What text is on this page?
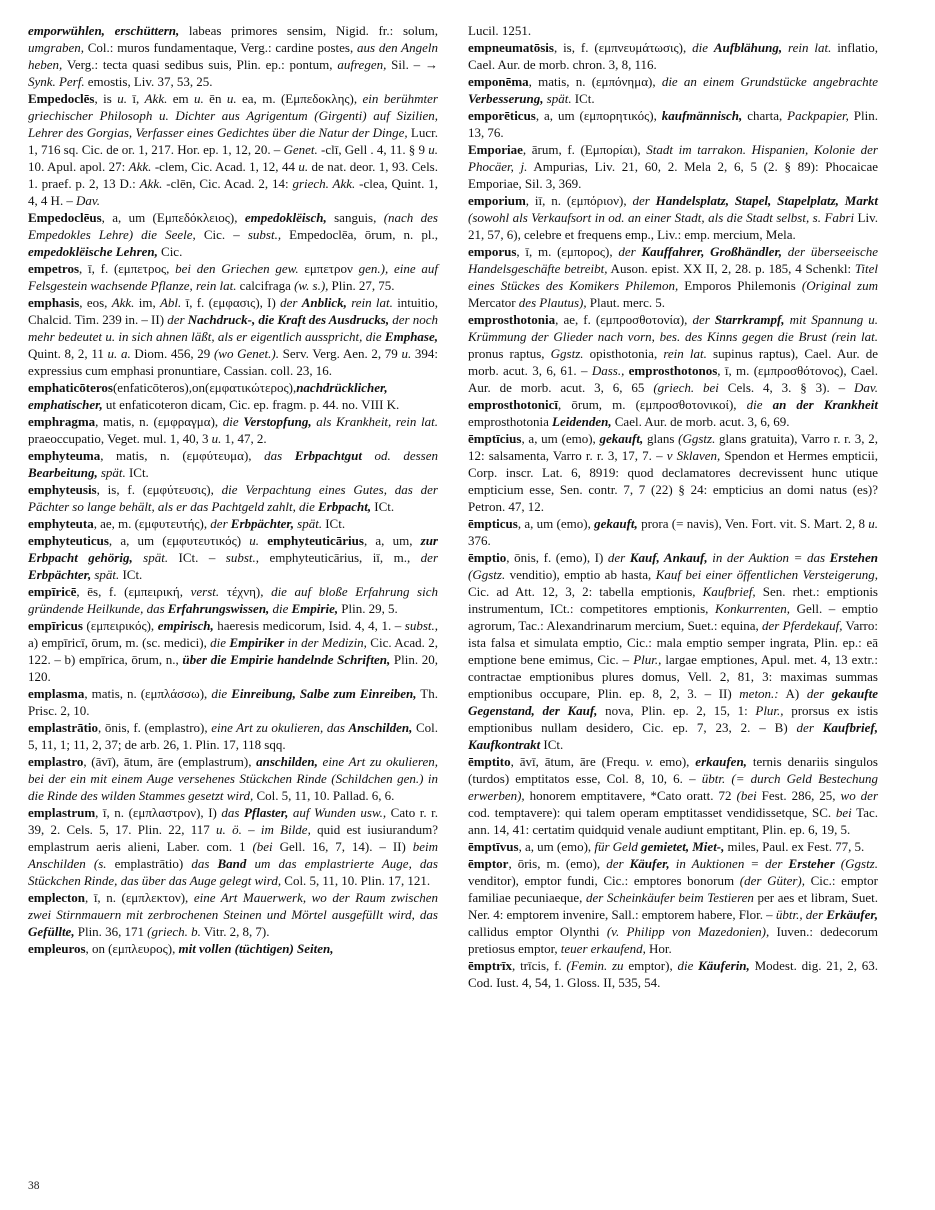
emporwühlen, erschüttern, labeas primores sensim, Nigid. fr.: solum, umgraben, Col.: muros fundamentaque, Verg.: cardine postes, aus den Angeln heben, Verg.: tecta quasi sedibus suis, Plin. ep.: pontum, aufregen, Sil. – → Synk. Perf. emostis, Liv. 37, 53, 25.

Empedoclēs, is u. ī, Akk. em u. ēn u. ea, m. (Εμπεδοκλης), ein berühmter griechischer Philosoph u. Dichter aus Agrigentum (Girgenti) auf Sizilien, Lehrer des Gorgias, Verfasser eines Gedichtes über die Natur der Dinge, Lucr. 1, 716 sq. Cic. de or. 1, 217. Hor. ep. 1, 12, 20. – Genet. -clī, Gell . 4, 11. § 9 u. 10. Apul. apol. 27: Akk. -clem, Cic. Acad. 1, 12, 44 u. de nat. deor. 1, 93. Cels. 1. praef. p. 2, 13 D.: Akk. -clēn, Cic. Acad. 2, 14: griech. Akk. -clea, Quint. 1, 4, 4 H. – Dav.

Empedoclēus, a, um (Εμπεδόκλειος), empedoklëisch, sanguis, (nach des Empedokles Lehre) die Seele, Cic. – subst., Empedoclēa, ōrum, n. pl., empedoklëische Lehren, Cic.

empetros, ī, f. (εμπετρος, bei den Griechen gew. εμπετρον gen.), eine auf Felsgestein wachsende Pflanze, rein lat. calcifraga (w. s.), Plin. 27, 75.

emphasis, eos, Akk. im, Abl. ī, f. (εμφασις), I) der Anblick, rein lat. intuitio, Chalcid. Tim. 239 in. – II) der Nachdruck-, die Kraft des Ausdrucks, der noch mehr bedeutet u. in sich ahnen läßt, als er eigentlich ausspricht, die Emphase, Quint. 8, 2, 11 u. a. Diom. 456, 29 (wo Genet.). Serv. Verg. Aen. 2, 79 u. 394: expressius cum emphasi pronuntiare, Cassian. coll. 23, 16.

emphaticōteros(enfaticōteros),on(εμφατικώτερος),nachdrücklicher, emphatischer, ut enfaticoteron dicam, Cic. ep. fragm. p. 44. no. VIII K.

emphragma, matis, n. (εμφραγμα), die Verstopfung, als Krankheit, rein lat. praeoccupatio, Veget. mul. 1, 40, 3 u. 1, 47, 2.

emphyteuma, matis, n. (εμφύτευμα), das Erbpachtgut od. dessen Bearbeitung, spät. ICt.

emphyteusis, is, f. (εμφύτευσις), die Verpachtung eines Gutes, das der Pächter so lange behält, als er das Pachtgeld zahlt, die Erbpacht, ICt.

emphyteuta, ae, m. (εμφυτευτής), der Erbpächter, spät. ICt.

emphyteuticus, a, um (εμφυτευτικός) u. emphyteuticārius, a, um, zur Erbpacht gehörig, spät. ICt. – subst., emphyteuticārius, iī, m., der Erbpächter, spät. ICt.

empīricē, ēs, f. (εμπειρική, verst. τέχνη), die auf bloße Erfahrung sich gründende Heilkunde, das Erfahrungswissen, die Empirie, Plin. 29, 5.

empīricus (εμπειρικός), empirisch, haeresis medicorum, Isid. 4, 4, 1. – subst., a) empīricī, ōrum, m. (sc. medici), die Empiriker in der Medizin, Cic. Acad. 2, 122. – b) empīrica, ōrum, n., über die Empirie handelnde Schriften, Plin. 20, 120.

emplasma, matis, n. (εμπλάσσω), die Einreibung, Salbe zum Einreiben, Th. Prisc. 2, 10.

emplastrātio, ōnis, f. (emplastro), eine Art zu okulieren, das Anschilden, Col. 5, 11, 1; 11, 2, 37; de arb. 26, 1. Plin. 17, 118 sqq.

emplastro, (āvī), ātum, āre (emplastrum), anschilden, eine Art zu okulieren, bei der ein mit einem Auge versehenes Stückchen Rinde (Schildchen gen.) in die Rinde des wilden Stammes gesetzt wird, Col. 5, 11, 10. Pallad. 6, 6.

emplastrum, ī, n. (εμπλαστρον), I) das Pflaster, auf Wunden usw., Cato r. r. 39, 2. Cels. 5, 17. Plin. 22, 117 u. ö. – im Bilde, quid est iusiurandum? emplastrum aeris alieni, Laber. com. 1 (bei Gell. 16, 7, 14). – II) beim Anschilden (s. emplastrātio) das Band um das emplastrierte Auge, das Stückchen Rinde, das über das Auge gelegt wird, Col. 5, 11, 10. Plin. 17, 121.

emplecton, ī, n. (εμπλεκτον), eine Art Mauerwerk, wo der Raum zwischen zwei Stirnmauern mit zerbrochenen Steinen und Mörtel ausgefüllt wird, das Gefüllte, Plin. 36, 171 (griech. b. Vitr. 2, 8, 7).

empleuros, on (εμπλευρος), mit vollen (tüchtigen) Seiten,

Lucil. 1251.

empneumatōsis, is, f. (εμπνευμάτωσις), die Aufblähung, rein lat. inflatio, Cael. Aur. de morb. chron. 3, 8, 116.

emponēma, matis, n. (εμπόνημα), die an einem Grundstücke angebrachte Verbesserung, spät. ICt.

emporēticus, a, um (εμπορητικός), kaufmännisch, charta, Packpapier, Plin. 13, 76.

Emporiae, ārum, f. (Εμπορίαι), Stadt im tarrakon. Hispanien, Kolonie der Phocäer, j. Ampurias, Liv. 21, 60, 2. Mela 2, 6, 5 (2. § 89): Phocaicae Emporiae, Sil. 3, 369.

emporium, iī, n. (εμπόριον), der Handelsplatz, Stapel, Stapelplatz, Markt (sowohl als Verkaufsort in od. an einer Stadt, als die Stadt selbst, s. Fabri Liv. 21, 57, 6), celebre et frequens emp., Liv.: emp. mercium, Mela.

emporus, ī, m. (εμπορος), der Kauffahrer, Großhändler, der überseeische Handelsgeschäfte betreibt, Auson. epist. XX II, 2, 28. p. 185, 4 Schenkl: Titel eines Stückes des Komikers Philemon, Emporos Philemonis (Original zum Mercator des Plautus), Plaut. merc. 5.

emprosthotonia, ae, f. (εμπροσθοτονία), der Starrkrampf, mit Spannung u. Krümmung der Glieder nach vorn, bes. des Kinns gegen die Brust (rein lat. pronus raptus, Ggstz. opisthotonia, rein lat. supinus raptus), Cael. Aur. de morb. acut. 3, 6, 61. – Dass., emprosthotonos, ī, m. (εμπροσθότονος), Cael. Aur. de morb. acut. 3, 6, 65 (griech. bei Cels. 4, 3. § 3). – Dav. emprosthotonicī, ōrum, m. (εμπροσθοτονικοί), die an der Krankheit emprosthotonia Leidenden, Cael. Aur. de morb. acut. 3, 6, 69.

ēmptīcius, a, um (emo), gekauft, glans (Ggstz. glans gratuita), Varro r. r. 3, 2, 12: salsamenta, Varro r. r. 3, 17, 7. – v Sklaven, Spendon et Hermes empticii, Corp. inscr. Lat. 6, 8919: quod declamatores decrevissent hunc utique empticium esse, Sen. contr. 7, 7 (22) § 24: empticius an domi natus (es)? Petron. 47, 12.

ēmpticus, a, um (emo), gekauft, prora (= navis), Ven. Fort. vit. S. Mart. 2, 8 u. 376.

ēmptio, ōnis, f. (emo), I) der Kauf, Ankauf, in der Auktion = das Erstehen (Ggstz. venditio), emptio ab hasta, Kauf bei einer öffentlichen Versteigerung, Cic. ad Att. 12, 3, 2: tabella emptionis, Kaufbrief, Sen. rhet.: emptionis instrumentum, ICt.: competitores emptionis, Konkurrenten, Gell. – emptio agrorum, Tac.: Alexandrinarum mercium, Suet.: equina, der Pferdekauf, Varro: ista falsa et simulata emptio, Cic.: mala emptio semper ingrata, Plin. ep.: eā emptione bene emimus, Cic. – Plur., largae emptiones, Apul. met. 4, 13 extr.: contractae emptionibus plures domus, Vell. 2, 81, 3: maximas summas emptionibus occupare, Plin. ep. 8, 2, 3. – II) meton.: A) der gekaufte Gegenstand, der Kauf, nova, Plin. ep. 2, 15, 1: Plur., prorsus ex istis emptionibus nullam desidero, Cic. ep. 7, 23, 2. – B) der Kaufbrief, Kaufkontrakt ICt.

ēmptito, āvī, ātum, āre (Frequ. v. emo), erkaufen, ternis denariis singulos (turdos) emptitatos esse, Col. 8, 10, 6. – übtr. (= durch Geld Bestechung erwerben), honorem emptitavere, *Cato oratt. 72 (bei Fest. 286, 25, wo der cod. temptavere): qui talem operam emptitasset vendidissetque, SC. bei Tac. ann. 14, 41: certatim quidquid venale audiunt emptitant, Plin. ep. 6, 19, 5.

ēmptīvus, a, um (emo), für Geld gemietet, Miet-, miles, Paul. ex Fest. 77, 5.

ēmptor, ōris, m. (emo), der Käufer, in Auktionen = der Ersteher (Ggstz. venditor), emptor fundi, Cic.: emptores bonorum (der Güter), Cic.: emptor familiae pecuniaeque, der Scheinkäufer beim Testieren per aes et libram, Suet. Ner. 4: emptorem invenire, Sall.: emptorem habere, Flor. – übtr., der Erkäufer, callidus emptor Olynthi (v. Philipp von Mazedonien), Iuven.: dedecorum pretiosus emptor, teuer erkaufend, Hor.

ēmptrīx, trīcis, f. (Femin. zu emptor), die Käuferin, Modest. dig. 21, 2, 63. Cod. Iust. 4, 54, 1. Gloss. II, 535, 54.

38
